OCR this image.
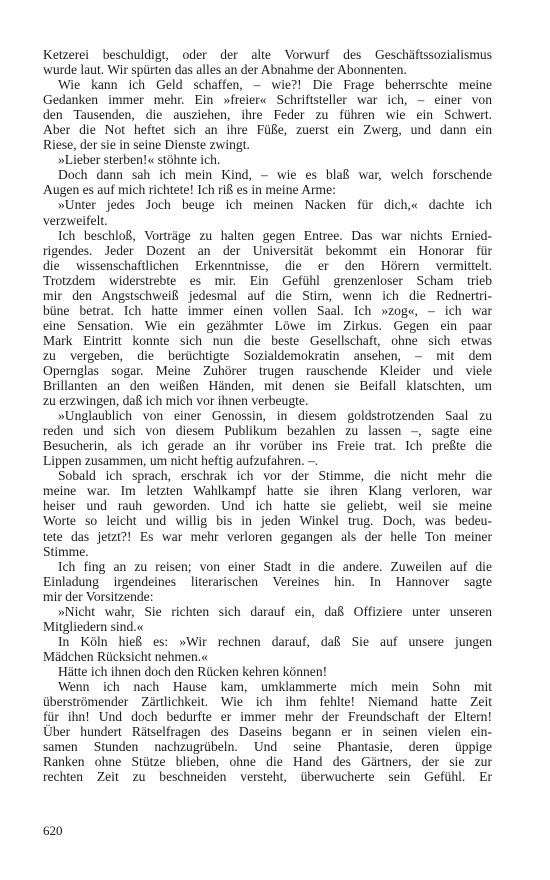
Ketzerei beschuldigt, oder der alte Vorwurf des Geschäftssozialismus
wurde laut. Wir spürten das alles an der Abnahme der Abonnenten.
Wie kann ich Geld schaffen, – wie?! Die Frage beherrschte meine
Gedanken immer mehr. Ein »freier« Schriftsteller war ich, – einer von
den Tausenden, die ausziehen, ihre Feder zu führen wie ein Schwert.
Aber die Not heftet sich an ihre Füße, zuerst ein Zwerg, und dann ein
Riese, der sie in seine Dienste zwingt.
»Lieber sterben!« stöhnte ich.
Doch dann sah ich mein Kind, – wie es blaß war, welch forschende
Augen es auf mich richtete! Ich riß es in meine Arme:
»Unter jedes Joch beuge ich meinen Nacken für dich,« dachte ich
verzweifelt.
Ich beschloß, Vorträge zu halten gegen Entree. Das war nichts Ernied-
rigendes. Jeder Dozent an der Universität bekommt ein Honorar für
die wissenschaftlichen Erkenntnisse, die er den Hörern vermittelt.
Trotzdem widerstrebte es mir. Ein Gefühl grenzenloser Scham trieb
mir den Angstschweiß jedesmal auf die Stirn, wenn ich die Rednertri-
büne betrat. Ich hatte immer einen vollen Saal. Ich »zog«, – ich war
eine Sensation. Wie ein gezähmter Löwe im Zirkus. Gegen ein paar
Mark Eintritt konnte sich nun die beste Gesellschaft, ohne sich etwas
zu vergeben, die berüchtigte Sozialdemokratin ansehen, – mit dem
Opernglas sogar. Meine Zuhörer trugen rauschende Kleider und viele
Brillanten an den weißen Händen, mit denen sie Beifall klatschten, um
zu erzwingen, daß ich mich vor ihnen verbeugte.
»Unglaublich von einer Genossin, in diesem goldstrotzenden Saal zu
reden und sich von diesem Publikum bezahlen zu lassen –, sagte eine
Besucherin, als ich gerade an ihr vorüber ins Freie trat. Ich preßte die
Lippen zusammen, um nicht heftig aufzufahren. –.
Sobald ich sprach, erschrak ich vor der Stimme, die nicht mehr die
meine war. Im letzten Wahlkampf hatte sie ihren Klang verloren, war
heiser und rauh geworden. Und ich hatte sie geliebt, weil sie meine
Worte so leicht und willig bis in jeden Winkel trug. Doch, was bedeu-
tete das jetzt?! Es war mehr verloren gegangen als der helle Ton meiner
Stimme.
Ich fing an zu reisen; von einer Stadt in die andere. Zuweilen auf die
Einladung irgendeines literarischen Vereines hin. In Hannover sagte
mir der Vorsitzende:
»Nicht wahr, Sie richten sich darauf ein, daß Offiziere unter unseren
Mitgliedern sind.«
In Köln hieß es: »Wir rechnen darauf, daß Sie auf unsere jungen
Mädchen Rücksicht nehmen.«
Hätte ich ihnen doch den Rücken kehren können!
Wenn ich nach Hause kam, umklammerte mich mein Sohn mit
überströmender Zärtlichkeit. Wie ich ihm fehlte! Niemand hatte Zeit
für ihn! Und doch bedurfte er immer mehr der Freundschaft der Eltern!
Über hundert Rätselfragen des Daseins begann er in seinen vielen ein-
samen Stunden nachzugrübeln. Und seine Phantasie, deren üppige
Ranken ohne Stütze blieben, ohne die Hand des Gärtners, der sie zur
rechten Zeit zu beschneiden versteht, überwucherte sein Gefühl. Er
620
